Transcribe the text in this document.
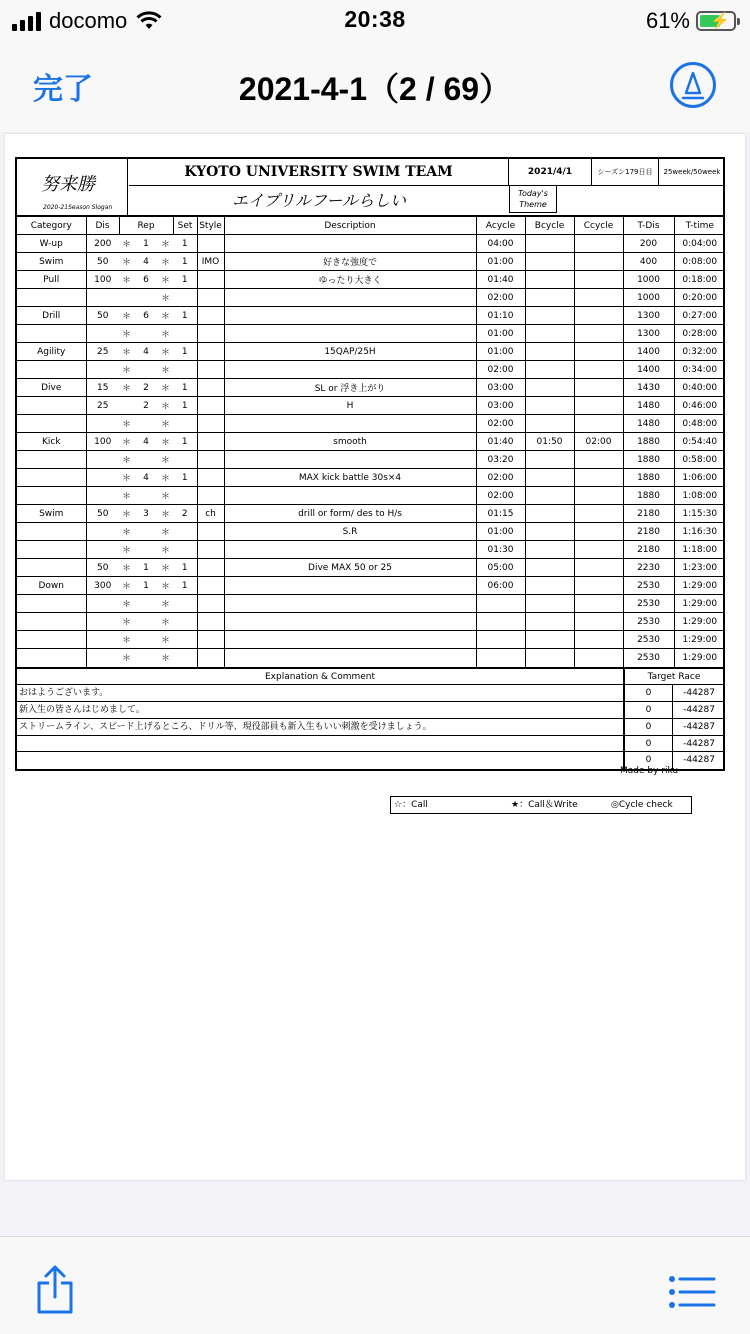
docomo	20:38	61% ⚡
完了	2021-4-1（2 / 69）
努来勝
2020-21Season Slogan
KYOTO UNIVERSITY SWIM TEAM
エイプリルフールらしい
2021/4/1	シーズン179日目	25week/50week
Today's Theme
Category	Dis	Rep			Set	Style	Description	Acycle	Bcycle	Ccycle	T-Dis	T-time
W-up	200	＊	1	＊	1			04:00			200	0:04:00
Swim	50	＊	4	＊	1	IMO	好きな強度で	01:00			400	0:08:00
Pull	100	＊	6	＊	1		ゆったり大きく	01:40			1000	0:18:00
				＊				02:00			1000	0:20:00
Drill	50	＊	6	＊	1			01:10			1300	0:27:00
		＊		＊				01:00			1300	0:28:00
Agility	25	＊	4	＊	1		15QAP/25H	01:00			1400	0:32:00
		＊		＊				02:00			1400	0:34:00
Dive	15	＊	2	＊	1		SL or 浮き上がり	03:00			1430	0:40:00
	25		2	＊	1		H	03:00			1480	0:46:00
		＊		＊				02:00			1480	0:48:00
Kick	100	＊	4	＊	1		smooth	01:40	01:50	02:00	1880	0:54:40
		＊		＊				03:20			1880	0:58:00
		＊	4	＊	1		MAX kick battle 30s×4	02:00			1880	1:06:00
		＊		＊				02:00			1880	1:08:00
Swim	50	＊	3	＊	2	ch	drill or form/ des to H/s	01:15			2180	1:15:30
		＊		＊			S.R	01:00			2180	1:16:30
		＊		＊				01:30			2180	1:18:00
	50	＊	1	＊	1		Dive MAX 50 or 25	05:00			2230	1:23:00
Down	300	＊	1	＊	1			06:00			2530	1:29:00
		＊		＊							2530	1:29:00
		＊		＊							2530	1:29:00
		＊		＊							2530	1:29:00
		＊		＊							2530	1:29:00
Explanation & Comment
おはようございます。
新入生の皆さんはじめまして。
ストリームライン、スピード上げるところ、ドリル等、現役部員も新入生もいい刺激を受けましょう。
Target Race
0	-44287
0	-44287
0	-44287
0	-44287
0	-44287
Made by riku
☆：Call	★：Call＆Write	◎Cycle check
